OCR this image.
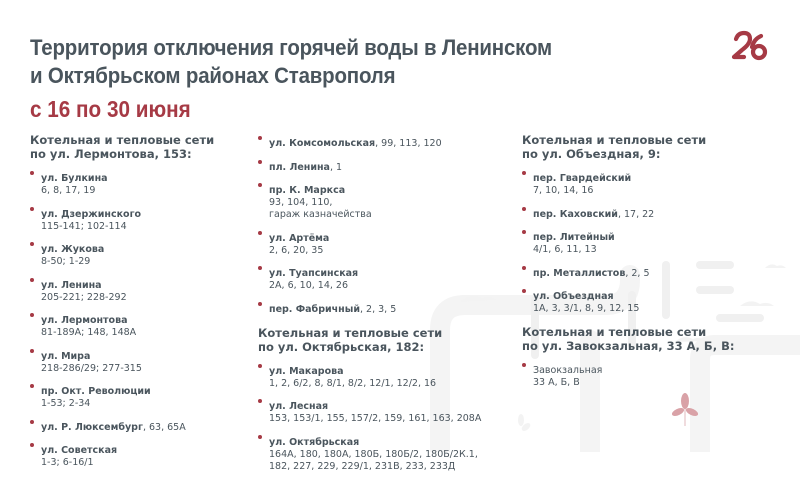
Территория отключения горячей воды в Ленинском
и Октябрьском районах Ставрополя
с 16 по 30 июня
Котельная и тепловые сети
по ул. Лермонтова, 153:
ул. Булкина
6, 8, 17, 19
ул. Дзержинского
115-141; 102-114
ул. Жукова
8-50; 1-29
ул. Ленина
205-221; 228-292
ул. Лермонтова
81-189А; 148, 148А
ул. Мира
218-286/29; 277-315
пр. Окт. Революции
1-53; 2-34
ул. Р. Люксембург, 63, 65А
ул. Советская
1-3; 6-16/1
ул. Комсомольская, 99, 113, 120
пл. Ленина, 1
пр. К. Маркса
93, 104, 110,
гараж казначейства
ул. Артёма
2, 6, 20, 35
ул. Туапсинская
2А, 6, 10, 14, 26
пер. Фабричный, 2, 3, 5
Котельная и тепловые сети
по ул. Октябрьская, 182:
ул. Макарова
1, 2, 6/2, 8, 8/1, 8/2, 12/1, 12/2, 16
ул. Лесная
153, 153/1, 155, 157/2, 159, 161, 163, 208А
ул. Октябрьская
164А, 180, 180А, 180Б, 180Б/2, 180Б/2К.1,
182, 227, 229, 229/1, 231В, 233, 233Д
Котельная и тепловые сети
по ул. Объездная, 9:
пер. Гвардейский
7, 10, 14, 16
пер. Каховский, 17, 22
пер. Литейный
4/1, 6, 11, 13
пр. Металлистов, 2, 5
ул. Объездная
1А, 3, 3/1, 8, 9, 12, 15
Котельная и тепловые сети
по ул. Завокзальная, 33 А, Б, В:
Завокзальная
33 А, Б, В
